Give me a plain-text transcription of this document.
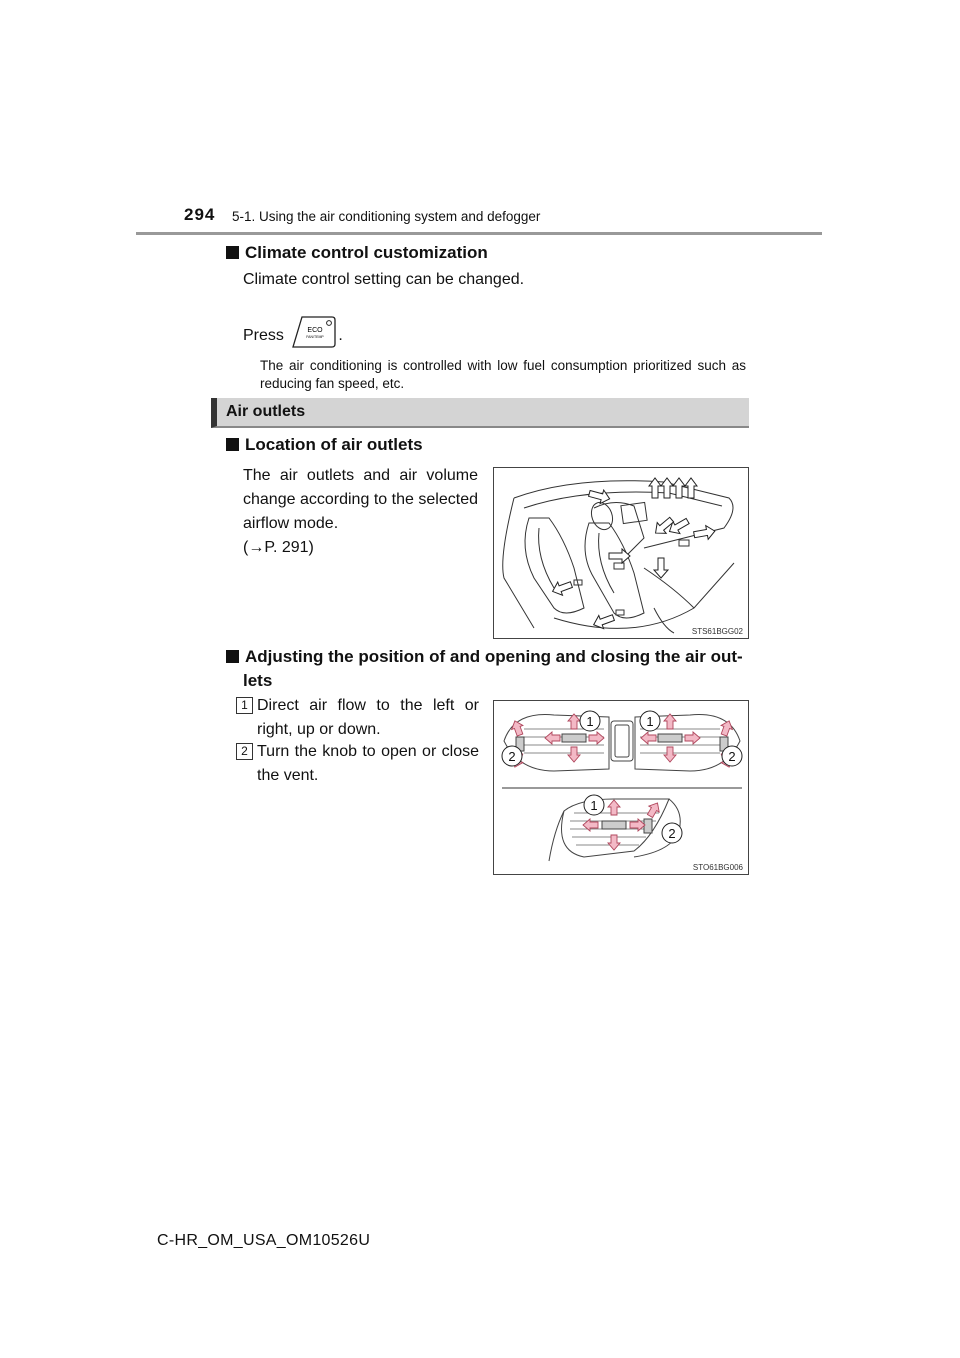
294 5-1. Using the air conditioning system and defogger
Climate control customization
Climate control setting can be changed.
Press	ECO
FAN/TEMP .
The air conditioning is controlled with low fuel consumption prioritized such as reducing fan speed, etc.
Air outlets
Location of air outlets
The air outlets and air volume change according to the selected airflow mode.
(→P. 291)
STS61BGG02
Adjusting the position of and opening and closing the air out-
lets
1 Direct air flow to the left or right, up or down.
2 Turn the knob to open or close the vent.
1	1
2	2
1
2
STO61BG006
C-HR_OM_USA_OM10526U
